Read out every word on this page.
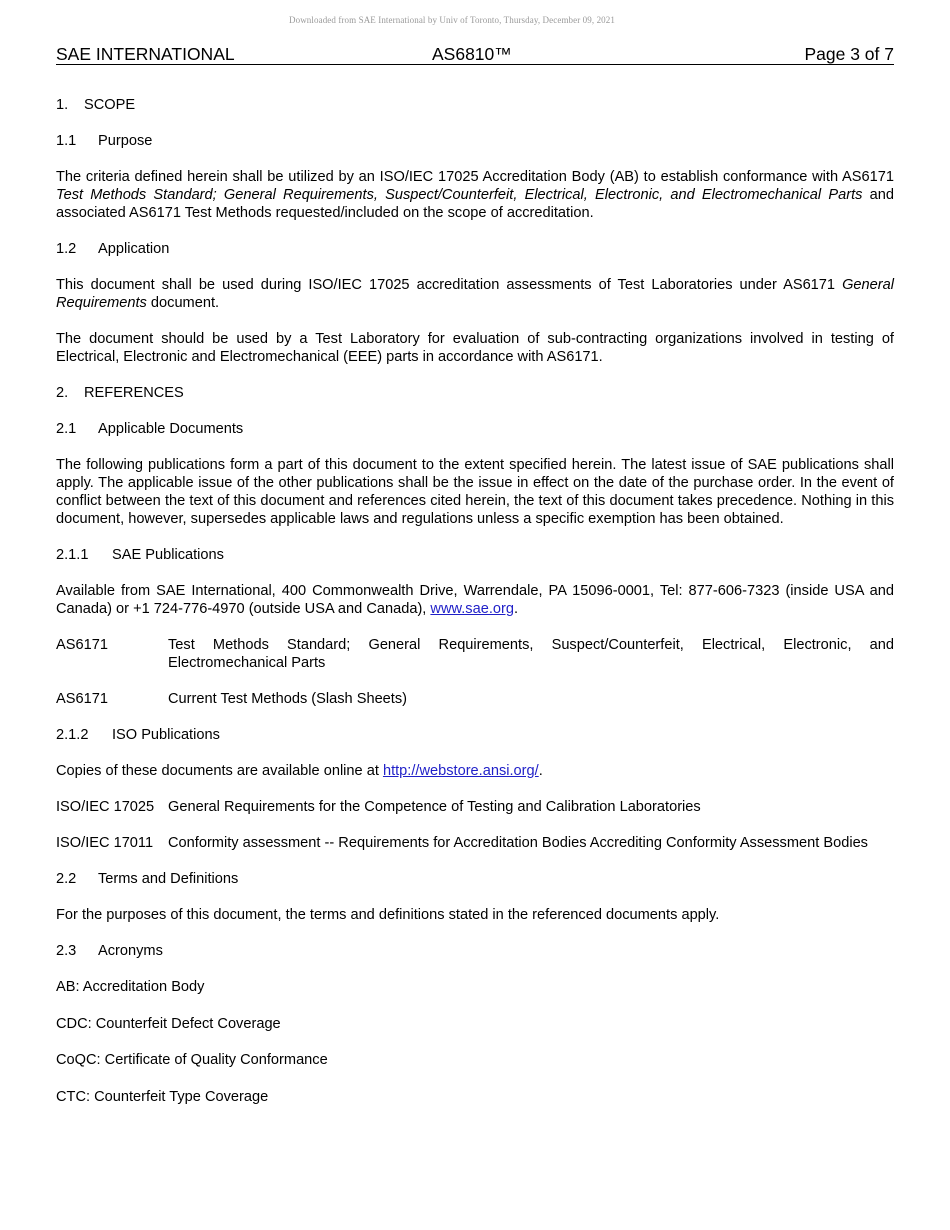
Downloaded from SAE International by Univ of Toronto, Thursday, December 09, 2021
SAE INTERNATIONAL	AS6810™	Page 3 of 7
1.	SCOPE
1.1	Purpose

The criteria defined herein shall be utilized by an ISO/IEC 17025 Accreditation Body (AB) to establish conformance with AS6171 Test Methods Standard; General Requirements, Suspect/Counterfeit, Electrical, Electronic, and Electromechanical Parts and associated AS6171 Test Methods requested/included on the scope of accreditation.

1.2	Application

This document shall be used during ISO/IEC 17025 accreditation assessments of Test Laboratories under AS6171 General Requirements document.

The document should be used by a Test Laboratory for evaluation of sub-contracting organizations involved in testing of Electrical, Electronic and Electromechanical (EEE) parts in accordance with AS6171.

2.	REFERENCES
2.1	Applicable Documents

The following publications form a part of this document to the extent specified herein. The latest issue of SAE publications shall apply. The applicable issue of the other publications shall be the issue in effect on the date of the purchase order. In the event of conflict between the text of this document and references cited herein, the text of this document takes precedence. Nothing in this document, however, supersedes applicable laws and regulations unless a specific exemption has been obtained.

2.1.1	SAE Publications

Available from SAE International, 400 Commonwealth Drive, Warrendale, PA 15096-0001, Tel: 877-606-7323 (inside USA and Canada) or +1 724-776-4970 (outside USA and Canada), www.sae.org.

AS6171	Test Methods Standard; General Requirements, Suspect/Counterfeit, Electrical, Electronic, and Electromechanical Parts
AS6171	Current Test Methods (Slash Sheets)
2.1.2	ISO Publications

Copies of these documents are available online at http://webstore.ansi.org/.

ISO/IEC 17025 General Requirements for the Competence of Testing and Calibration Laboratories
ISO/IEC 17011	Conformity assessment -- Requirements for Accreditation Bodies Accrediting Conformity Assessment Bodies
2.2	Terms and Definitions

For the purposes of this document, the terms and definitions stated in the referenced documents apply.

2.3	Acronyms
AB: Accreditation Body
CDC: Counterfeit Defect Coverage
CoQC: Certificate of Quality Conformance
CTC: Counterfeit Type Coverage
